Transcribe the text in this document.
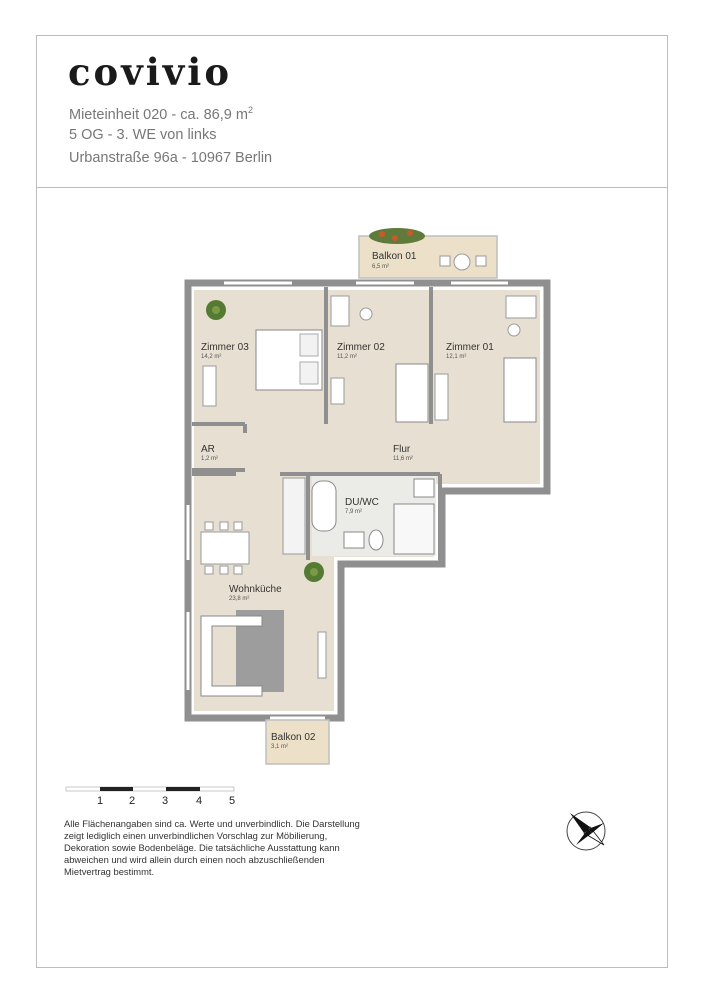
covivio
Mieteinheit 020 - ca. 86,9 $m^2$
5 OG - 3. WE von links
Urbanstraße 96a - 10967 Berlin
Balkon 01
6,5 m²
Zimmer 03
14,2 m²
Zimmer 02
11,2 m²
Zimmer 01
12,1 m²
AR
1,2 m²
Flur
11,6 m²
DU/WC
7,9 m²
Wohnküche
23,8 m²
Balkon 02
3,1 m²
1 2 3	4 5

Alle Flächenangaben sind ca. Werte und unverbindlich. Die Darstellung

zeigt lediglich einen unverbindlichen Vorschlag zur Möbilierung,

Dekoration sowie Bodenbeläge. Die tatsächliche Ausstattung kann

abweichen und wird allein durch einen noch abzuschließenden

Mietvertrag bestimmt.
